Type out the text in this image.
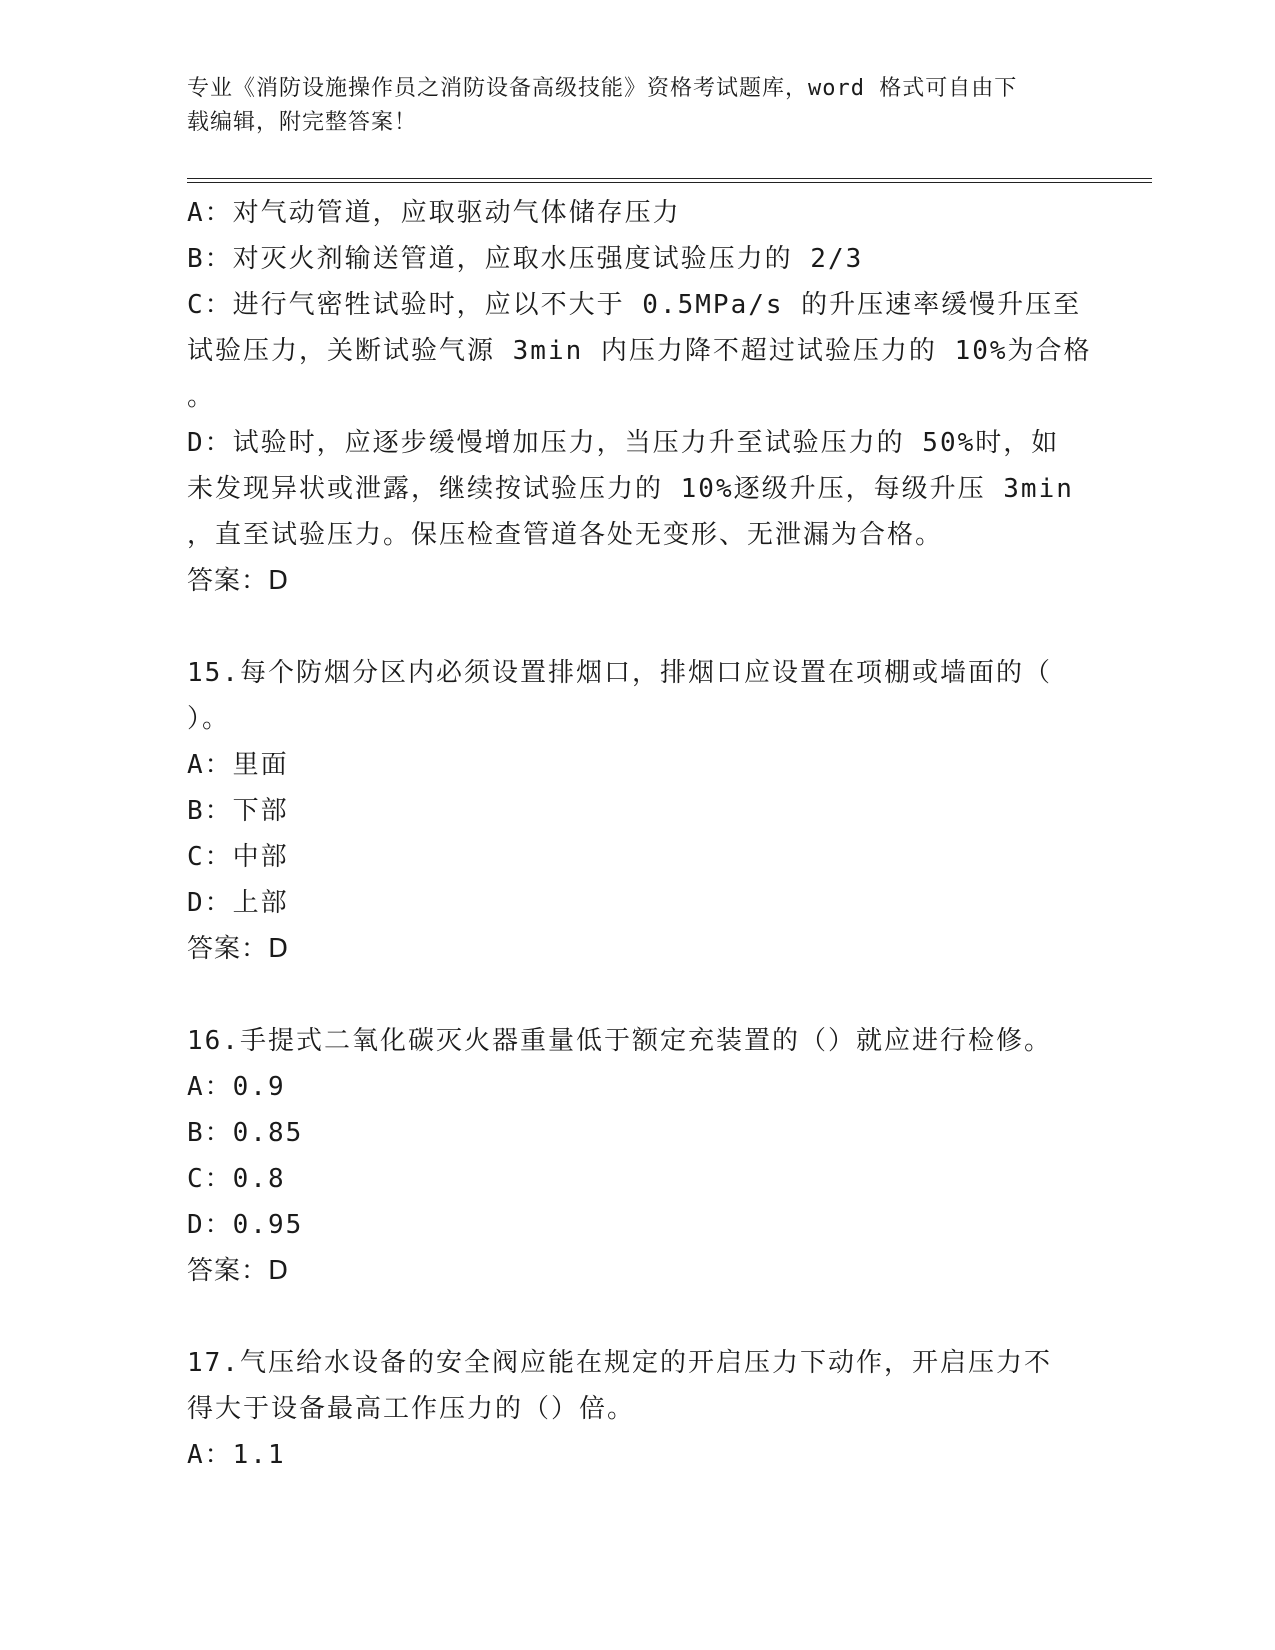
专业《消防设施操作员之消防设备高级技能》资格考试题库，word 格式可自由下
载编辑，附完整答案！
A：对气动管道，应取驱动气体储存压力
B：对灭火剂输送管道，应取水压强度试验压力的 2/3
C：进行气密牲试验时，应以不大于 0.5MPa/s 的升压速率缓慢升压至
试验压力，关断试验气源 3min 内压力降不超过试验压力的 10%为合格
。
D：试验时，应逐步缓慢增加压力，当压力升至试验压力的 50%时，如
未发现异状或泄露，继续按试验压力的 10%逐级升压，每级升压 3min
，直至试验压力。保压检查管道各处无变形、无泄漏为合格。
答案：D
15.每个防烟分区内必须设置排烟口，排烟口应设置在项棚或墙面的（
）。
A：里面
B：下部
C：中部
D：上部
答案：D
16.手提式二氧化碳灭火器重量低于额定充装置的（）就应进行检修。
A：0.9
B：0.85
C：0.8
D：0.95
答案：D
17.气压给水设备的安全阀应能在规定的开启压力下动作，开启压力不
得大于设备最高工作压力的（）倍。
A：1.1
